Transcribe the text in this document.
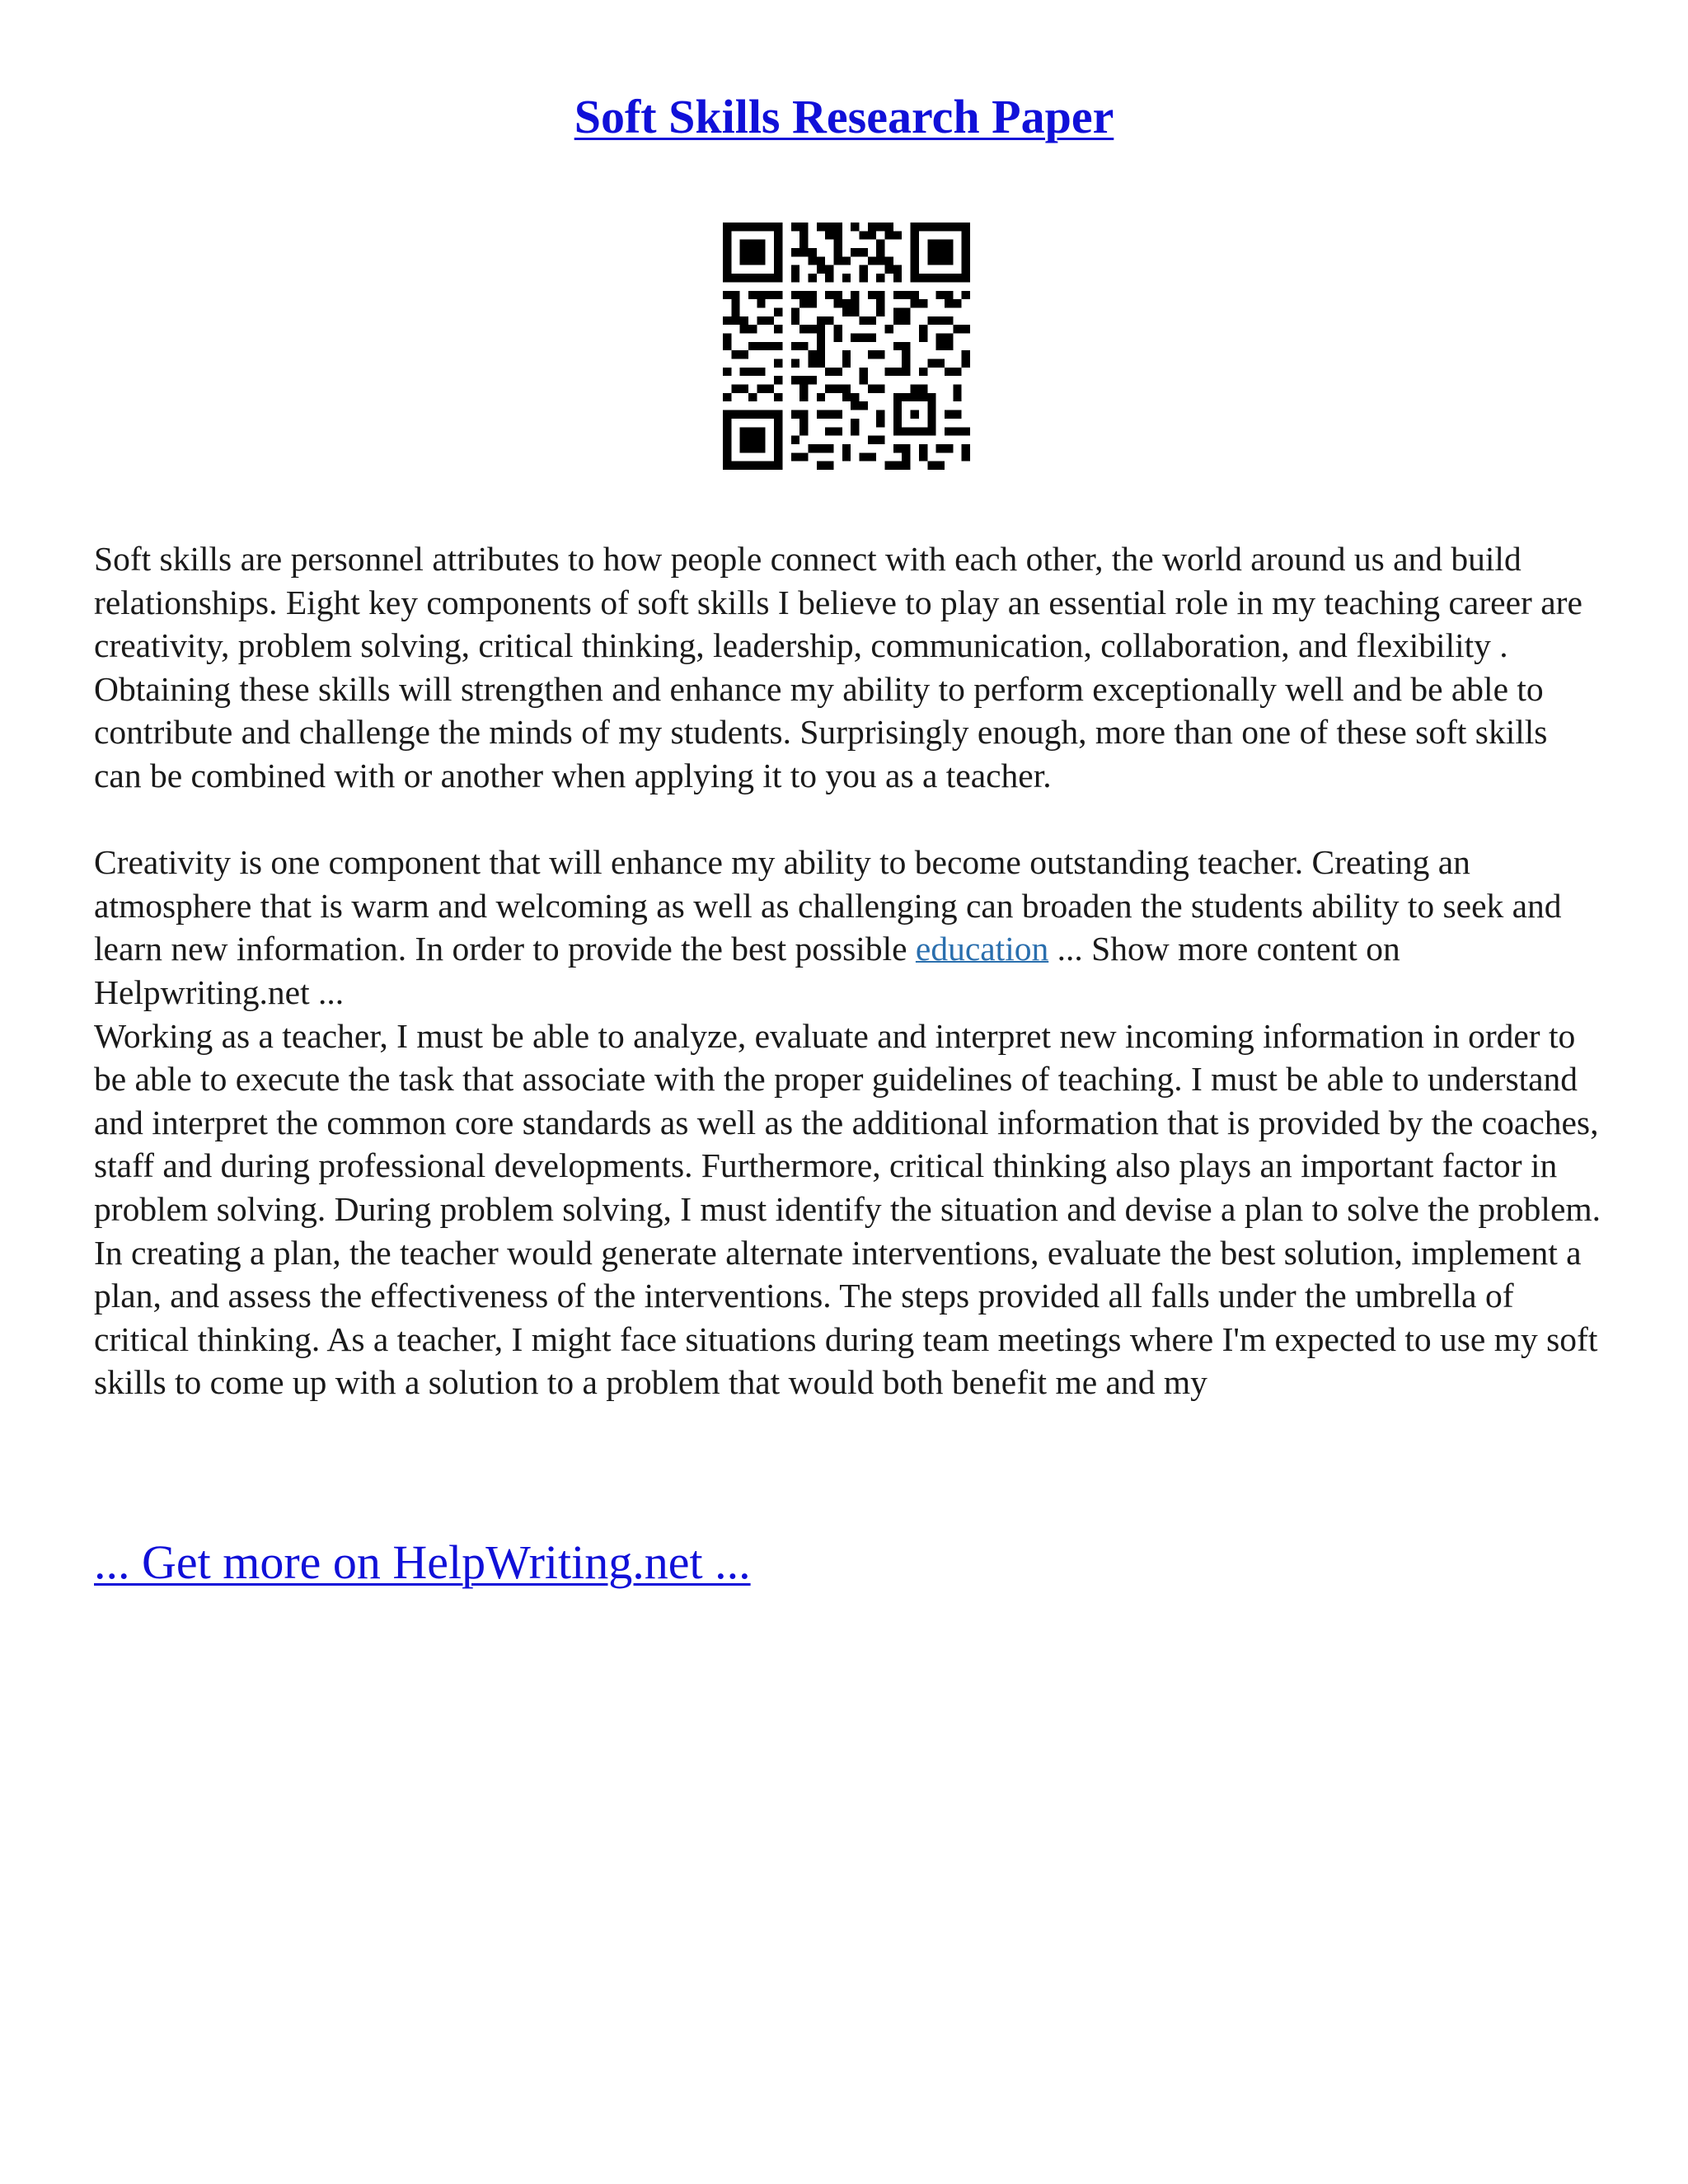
Soft Skills Research Paper

Soft skills are personnel attributes to how people connect with each other, the world around us and build relationships. Eight key components of soft skills I believe to play an essential role in my teaching career are creativity, problem solving, critical thinking, leadership, communication, collaboration, and flexibility . Obtaining these skills will strengthen and enhance my ability to perform exceptionally well and be able to contribute and challenge the minds of my students. Surprisingly enough, more than one of these soft skills can be combined with or another when applying it to you as a teacher.

Creativity is one component that will enhance my ability to become outstanding teacher. Creating an atmosphere that is warm and welcoming as well as challenging can broaden the students ability to seek and learn new information. In order to provide the best possible education ... Show more content on Helpwriting.net ...

Working as a teacher, I must be able to analyze, evaluate and interpret new incoming information in order to be able to execute the task that associate with the proper guidelines of teaching. I must be able to understand and interpret the common core standards as well as the additional information that is provided by the coaches, staff and during professional developments. Furthermore, critical thinking also plays an important factor in problem solving. During problem solving, I must identify the situation and devise a plan to solve the problem. In creating a plan, the teacher would generate alternate interventions, evaluate the best solution, implement a plan, and assess the effectiveness of the interventions. The steps provided all falls under the umbrella of critical thinking. As a teacher, I might face situations during team meetings where I'm expected to use my soft skills to come up with a solution to a problem that would both benefit me and my

... Get more on HelpWriting.net ...
